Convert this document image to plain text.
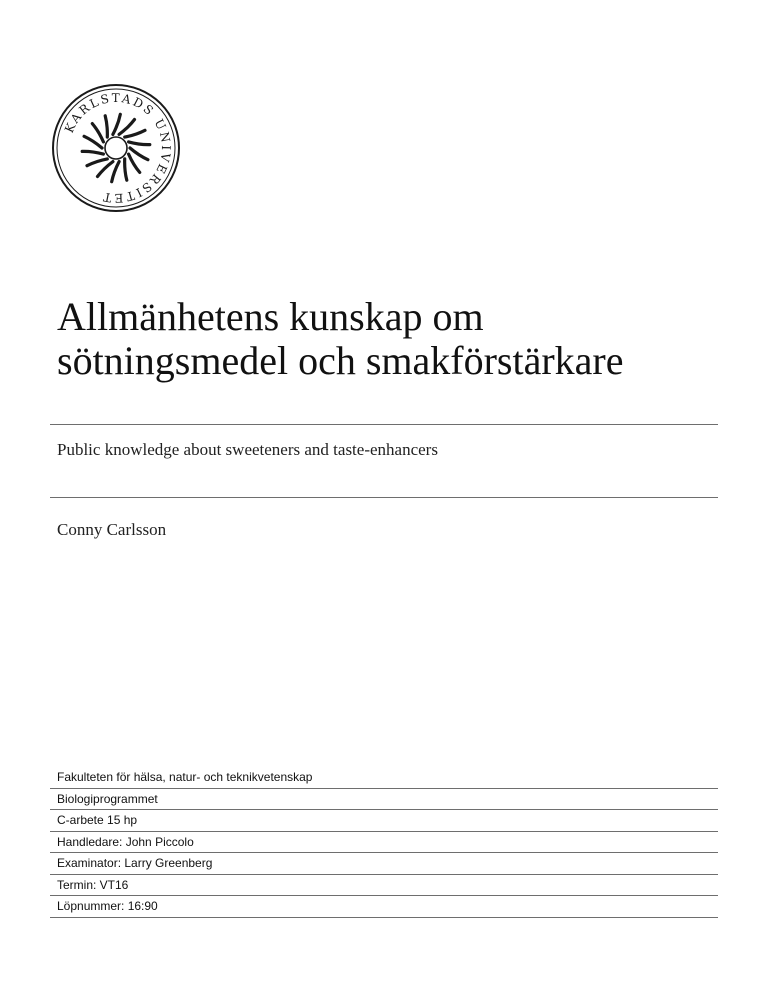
KARLSTADS UNIVERSITET
Allmänhetens kunskap om
sötningsmedel och smakförstärkare
Public knowledge about sweeteners and taste-enhancers
Conny Carlsson
Fakulteten för hälsa, natur- och teknikvetenskap
Biologiprogrammet
C-arbete 15 hp
Handledare: John Piccolo
Examinator: Larry Greenberg
Termin: VT16
Löpnummer: 16:90
